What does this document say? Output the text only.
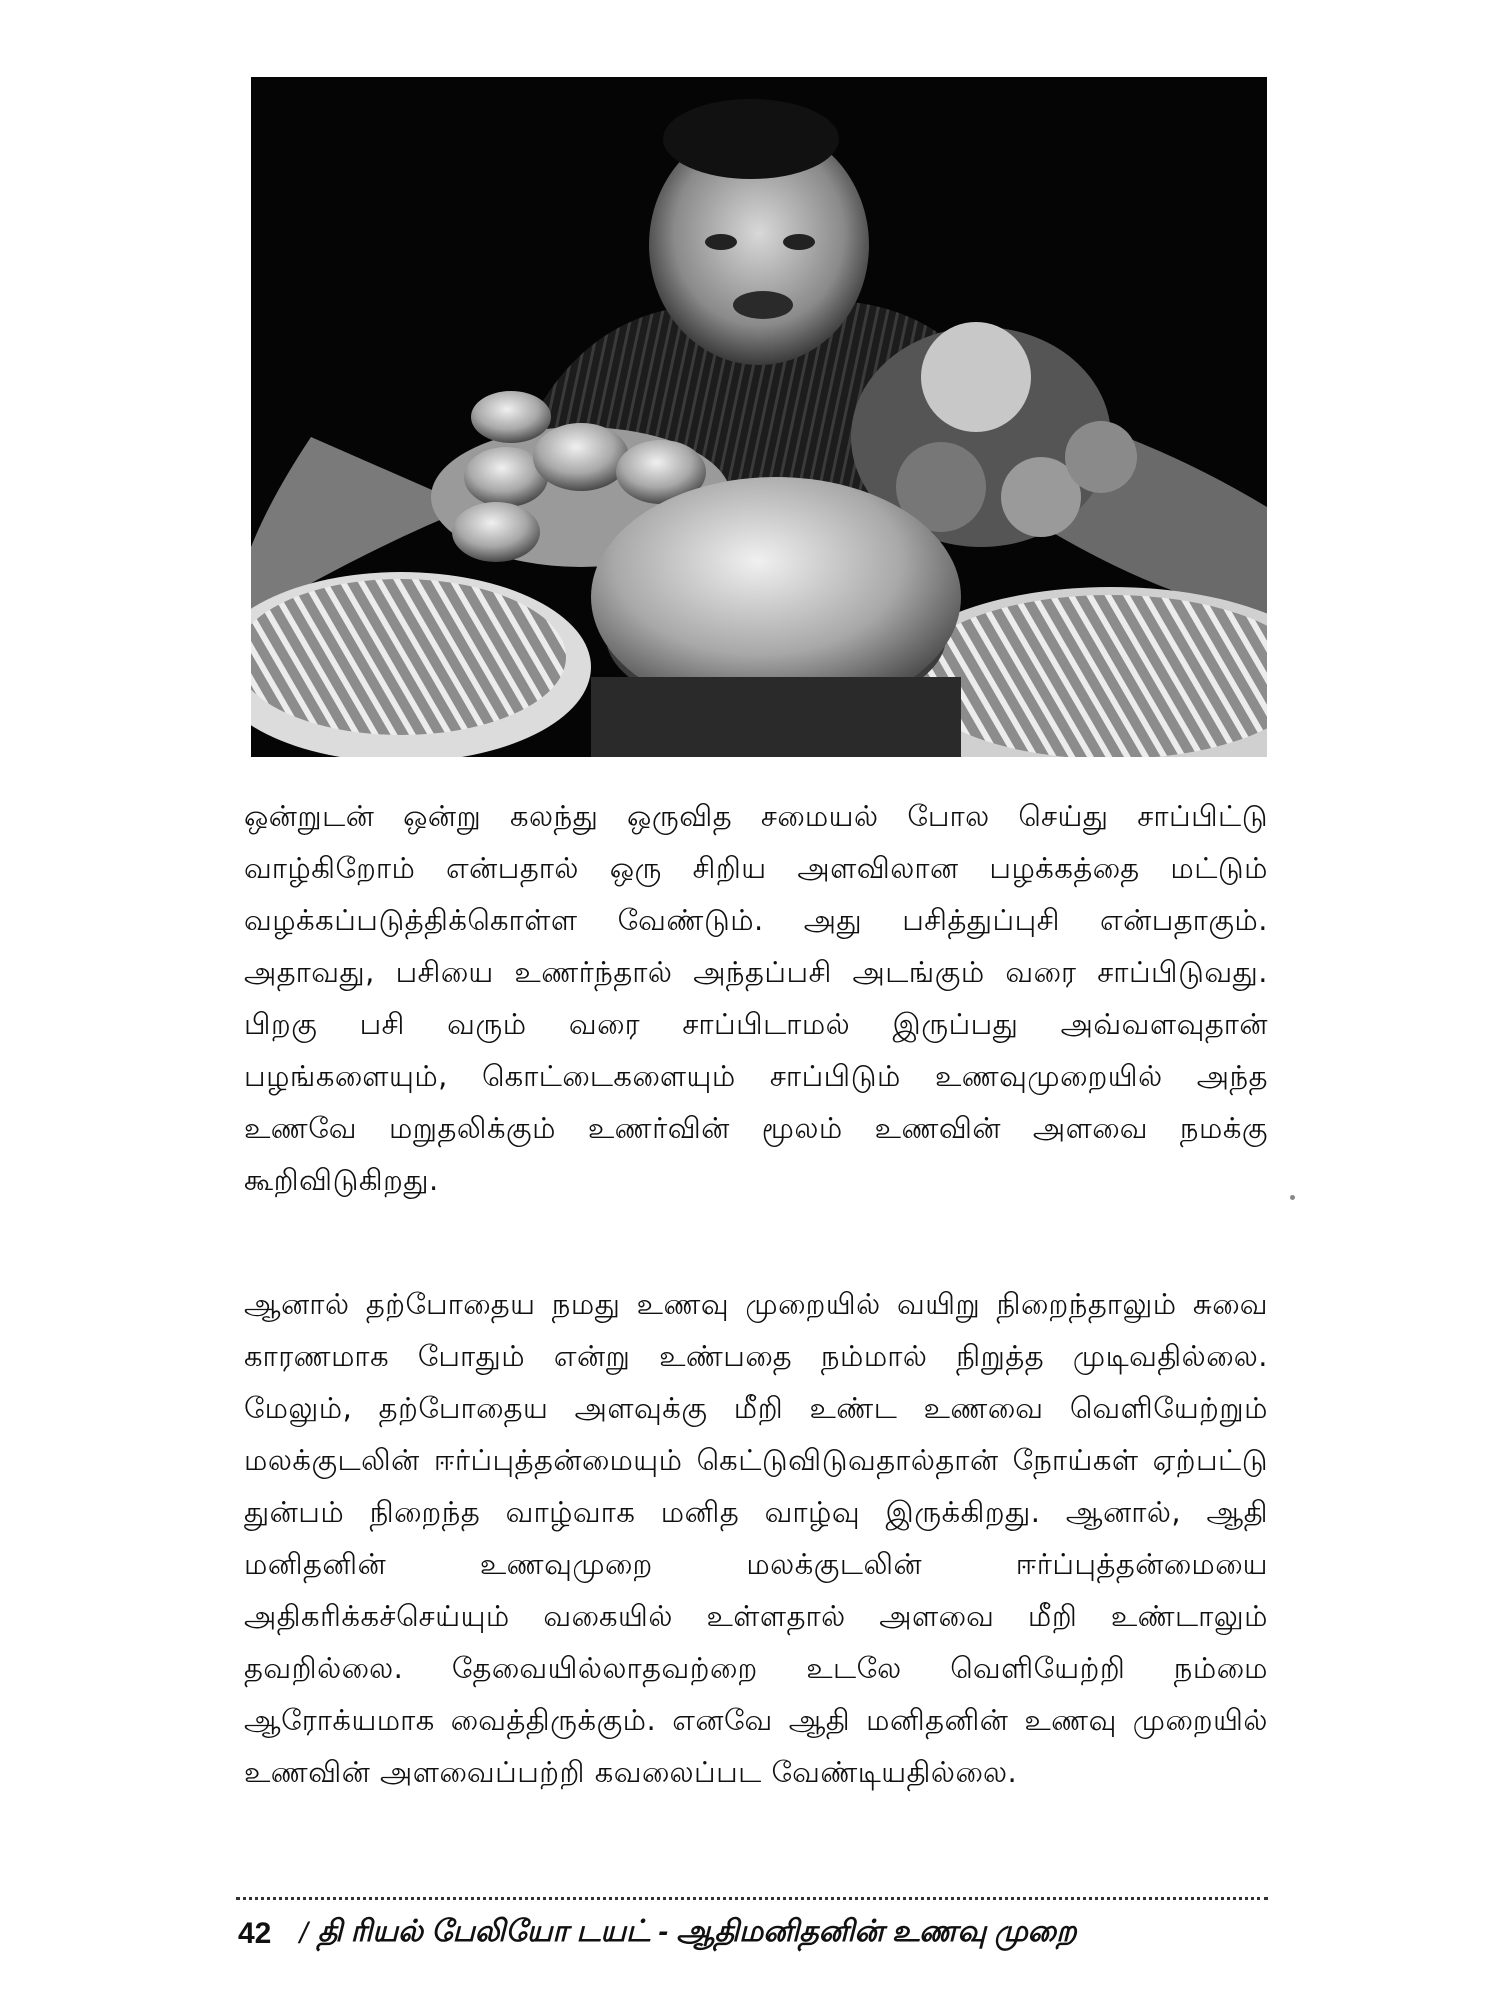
ஒன்றுடன் ஒன்று கலந்து ஒருவித சமையல் போல செய்து சாப்பிட்டு வாழ்கிறோம் என்பதால் ஒரு சிறிய அளவிலான பழக்கத்தை மட்டும் வழக்கப்படுத்திக்கொள்ள வேண்டும். அது பசித்துப்புசி என்பதாகும். அதாவது, பசியை உணர்ந்தால் அந்தப்பசி அடங்கும் வரை சாப்பிடுவது. பிறகு பசி வரும் வரை சாப்பிடாமல் இருப்பது அவ்வளவுதான் பழங்களையும், கொட்டைகளையும் சாப்பிடும் உணவுமுறையில் அந்த உணவே மறுதலிக்கும் உணர்வின் மூலம் உணவின் அளவை நமக்கு கூறிவிடுகிறது.
ஆனால் தற்போதைய நமது உணவு முறையில் வயிறு நிறைந்தாலும் சுவை காரணமாக போதும் என்று உண்பதை நம்மால் நிறுத்த முடிவதில்லை. மேலும், தற்போதைய அளவுக்கு மீறி உண்ட உணவை வெளியேற்றும் மலக்குடலின் ஈர்ப்புத்தன்மையும் கெட்டுவிடுவதால்தான் நோய்கள் ஏற்பட்டு துன்பம் நிறைந்த வாழ்வாக மனித வாழ்வு இருக்கிறது. ஆனால், ஆதி மனிதனின் உணவுமுறை மலக்குடலின் ஈர்ப்புத்தன்மையை அதிகரிக்கச்செய்யும் வகையில் உள்ளதால் அளவை மீறி உண்டாலும் தவறில்லை. தேவையில்லாதவற்றை உடலே வெளியேற்றி நம்மை ஆரோக்யமாக வைத்திருக்கும். எனவே ஆதி மனிதனின் உணவு முறையில் உணவின் அளவைப்பற்றி கவலைப்பட வேண்டியதில்லை.
42 / தி ரியல் பேலியோ டயட் - ஆதிமனிதனின் உணவு முறை
